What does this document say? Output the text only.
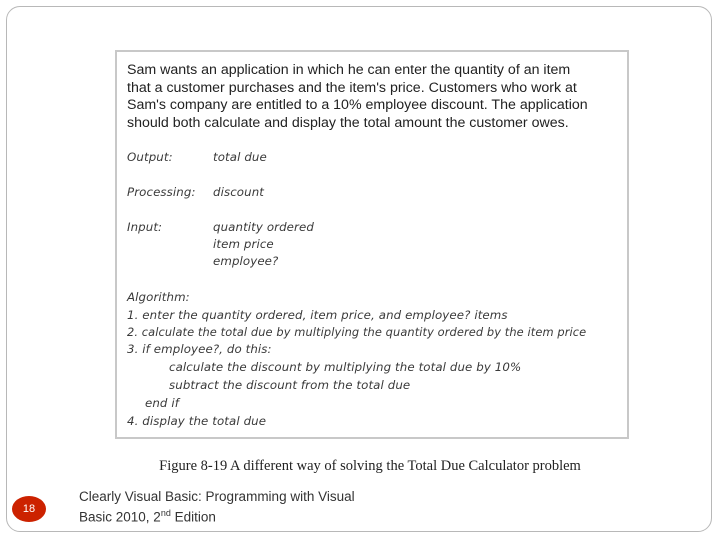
Sam wants an application in which he can enter the quantity of an item
that a customer purchases and the item's price. Customers who work at
Sam's company are entitled to a 10% employee discount. The application
should both calculate and display the total amount the customer owes.
Output:	total due
Processing: discount
Input:	quantity ordered
item price
employee?
Algorithm:
1. enter the quantity ordered, item price, and employee? items
2. calculate the total due by multiplying the quantity ordered by the item price
3. if employee?, do this:
calculate the discount by multiplying the total due by 10%
subtract the discount from the total due
end if
4. display the total due
Figure 8-19 A different way of solving the Total Due Calculator problem
18
Clearly Visual Basic: Programming with Visual
Basic 2010, 2nd Edition
